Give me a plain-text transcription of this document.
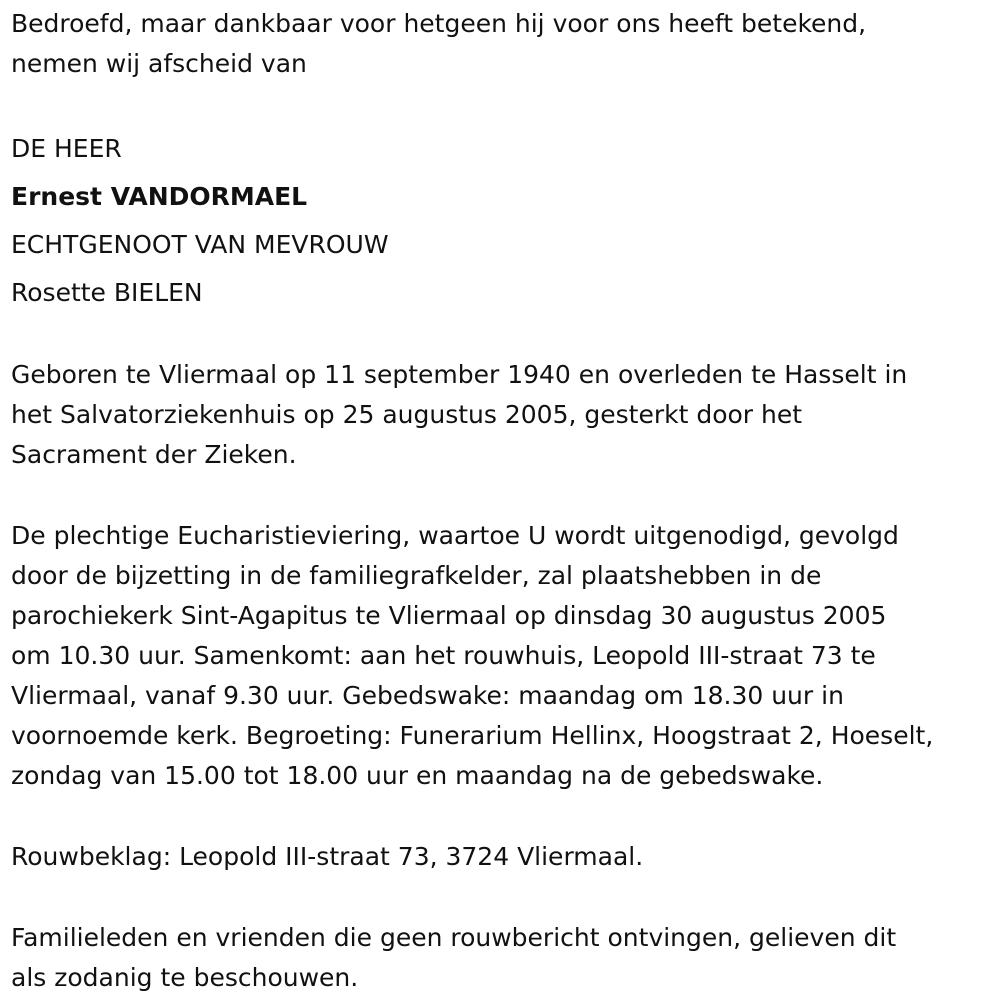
Bedroefd, maar dankbaar voor hetgeen hij voor ons heeft betekend,

nemen wij afscheid van

DE HEER

Ernest VANDORMAEL

ECHTGENOOT VAN MEVROUW

Rosette BIELEN

Geboren te Vliermaal op 11 september 1940 en overleden te Hasselt in

het Salvatorziekenhuis op 25 augustus 2005, gesterkt door het

Sacrament der Zieken.

De plechtige Eucharistieviering, waartoe U wordt uitgenodigd, gevolgd

door de bijzetting in de familiegrafkelder, zal plaatshebben in de

parochiekerk Sint-Agapitus te Vliermaal op dinsdag 30 augustus 2005

om 10.30 uur. Samenkomt: aan het rouwhuis, Leopold III-straat 73 te

Vliermaal, vanaf 9.30 uur. Gebedswake: maandag om 18.30 uur in

voornoemde kerk. Begroeting: Funerarium Hellinx, Hoogstraat 2, Hoeselt,

zondag van 15.00 tot 18.00 uur en maandag na de gebedswake.

Rouwbeklag: Leopold III-straat 73, 3724 Vliermaal.

Familieleden en vrienden die geen rouwbericht ontvingen, gelieven dit

als zodanig te beschouwen.
